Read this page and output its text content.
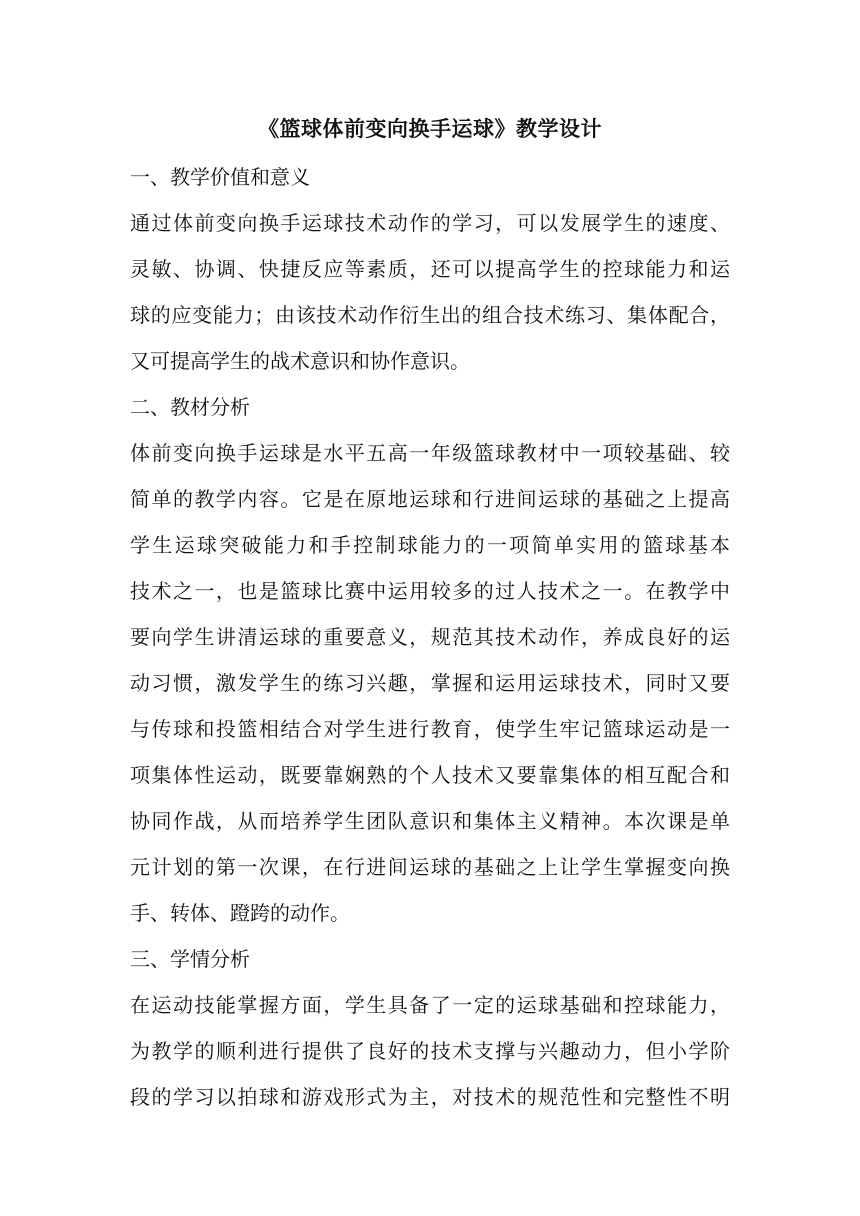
《篮球体前变向换手运球》教学设计
一、教学价值和意义
通过体前变向换手运球技术动作的学习，可以发展学生的速度、
灵敏、协调、快捷反应等素质，还可以提高学生的控球能力和运
球的应变能力；由该技术动作衍生出的组合技术练习、集体配合，
又可提高学生的战术意识和协作意识。
二、教材分析
体前变向换手运球是水平五高一年级篮球教材中一项较基础、较
简单的教学内容。它是在原地运球和行进间运球的基础之上提高
学生运球突破能力和手控制球能力的一项简单实用的篮球基本
技术之一，也是篮球比赛中运用较多的过人技术之一。在教学中
要向学生讲清运球的重要意义，规范其技术动作，养成良好的运
动习惯，激发学生的练习兴趣，掌握和运用运球技术，同时又要
与传球和投篮相结合对学生进行教育，使学生牢记篮球运动是一
项集体性运动，既要靠娴熟的个人技术又要靠集体的相互配合和
协同作战，从而培养学生团队意识和集体主义精神。本次课是单
元计划的第一次课，在行进间运球的基础之上让学生掌握变向换
手、转体、蹬跨的动作。
三、学情分析
在运动技能掌握方面，学生具备了一定的运球基础和控球能力，
为教学的顺利进行提供了良好的技术支撑与兴趣动力，但小学阶
段的学习以拍球和游戏形式为主，对技术的规范性和完整性不明
